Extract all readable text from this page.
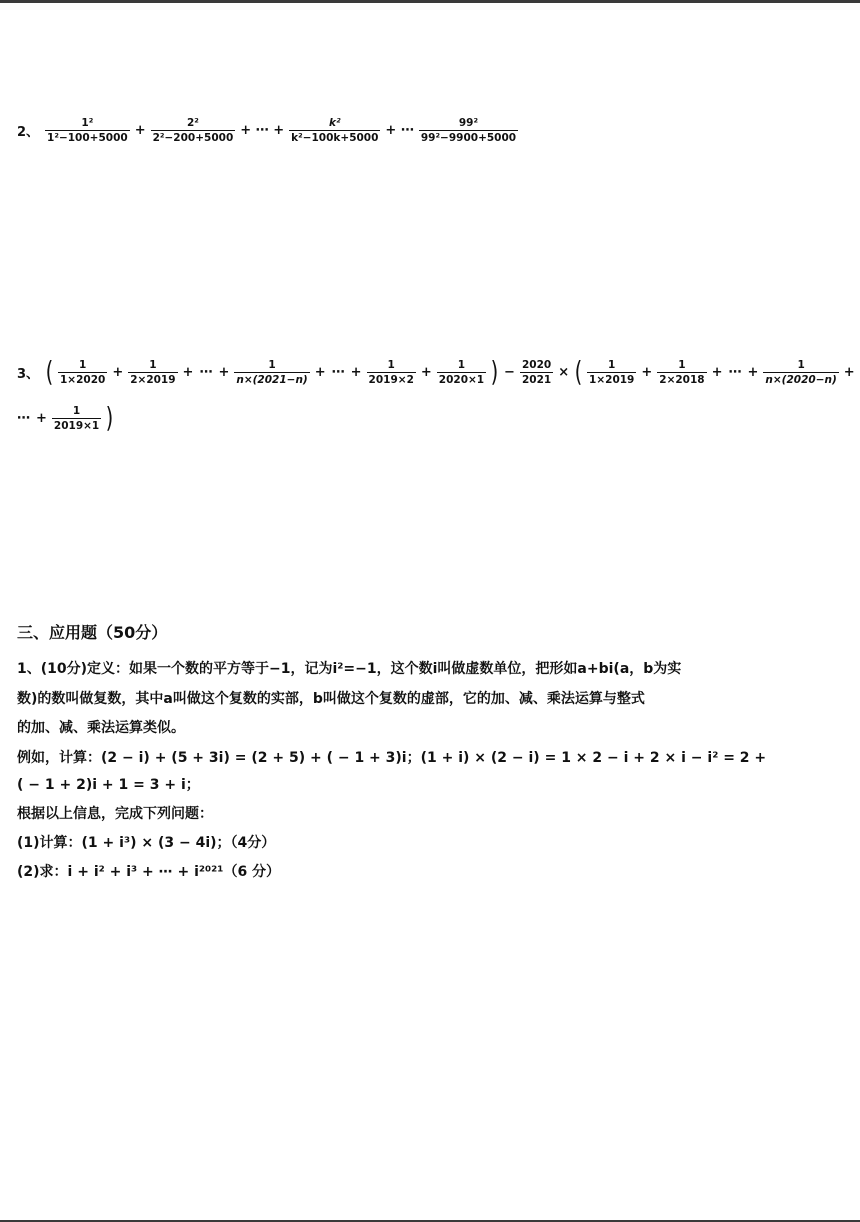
2、 $\frac{\text{1²}}{\text{1²−100+5000}} + \frac{\text{2²}}{\text{2²−200+5000}}$ + ⋯ + $\frac{\text{k²}}{\text{k²−100k+5000}}$ + ⋯ $\frac{\text{99²}}{\text{99²−9900+5000}}$
3、 ( $\frac{1}{1\times 2020} + \frac{1}{2\times 2019}$ + ⋯ + $\frac{1}{n\times(2021-n)}$ + ⋯ + $\frac{1}{2019\times 2} + \frac{1}{2020\times 1}$ ) − $\frac{2020}{2021}$ × ( $\frac{1}{1\times 2019} + \frac{1}{2\times 2018}$ + ⋯ + $\frac{1}{n\times(2020-n)}$ +
⋯ + $\frac{1}{2019\times 1}$ )
三、应用题（50分）
1、(10分)定义：如果一个数的平方等于−1，记为i²=−1，这个数i叫做虚数单位，把形如a+bi(a，b为实
数)的数叫做复数，其中a叫做这个复数的实部，b叫做这个复数的虚部，它的加、减、乘法运算与整式
的加、减、乘法运算类似。
例如，计算：(2 − i) + (5 + 3i) = (2 + 5) + ( − 1 + 3)i；(1 + i) × (2 − i) = 1 × 2 − i + 2 × i − i² = 2 +
( − 1 + 2)i + 1 = 3 + i；
根据以上信息，完成下列问题：
(1)计算：(1 + i³) × (3 − 4i)；（4分）
(2)求：i + i² + i³ + ⋯ + i²⁰²¹（6 分）
